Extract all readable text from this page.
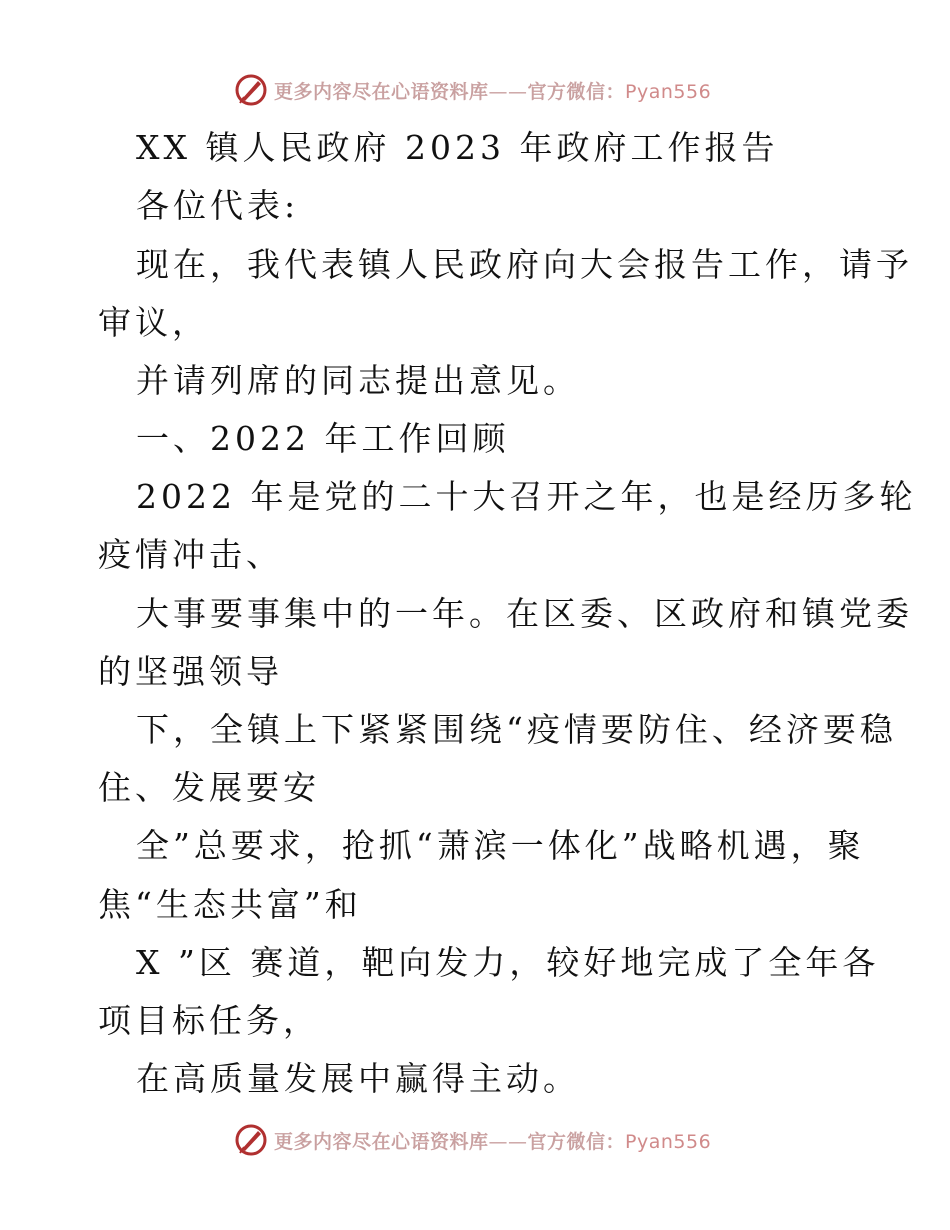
更多内容尽在心语资料库——官方微信：Pyan556
XX 镇人民政府 2023 年政府工作报告
各位代表:
现在，我代表镇人民政府向大会报告工作，请予
审议，
并请列席的同志提出意见。
一、2022 年工作回顾
2022 年是党的二十大召开之年，也是经历多轮
疫情冲击、
大事要事集中的一年。在区委、区政府和镇党委
的坚强领导
下，全镇上下紧紧围绕“疫情要防住、经济要稳
住、发展要安
全”总要求，抢抓“萧滨一体化”战略机遇，聚
焦“生态共富”和
X ”区 赛道，靶向发力，较好地完成了全年各
项目标任务，
在高质量发展中赢得主动。
更多内容尽在心语资料库——官方微信：Pyan556
